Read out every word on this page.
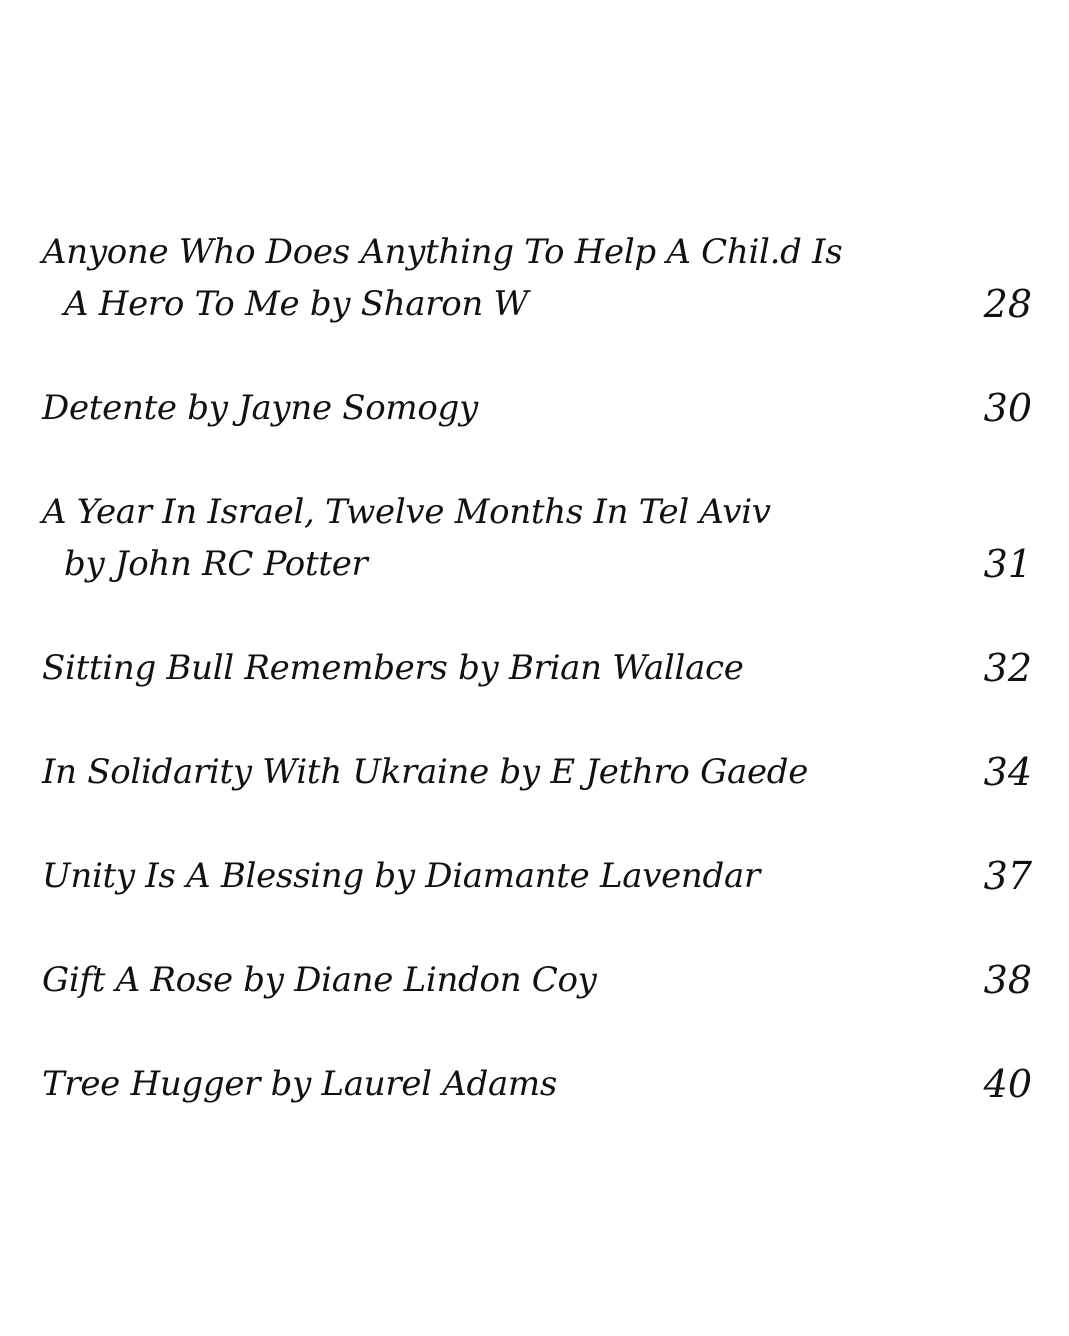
Anyone Who Does Anything To Help A Chil.d Is
A Hero To Me by Sharon W	28
Detente by Jayne Somogy	30
A Year In Israel, Twelve Months In Tel Aviv
by John RC Potter	31
Sitting Bull Remembers by Brian Wallace	32
In Solidarity With Ukraine by E Jethro Gaede	34
Unity Is A Blessing by Diamante Lavendar	37
Gift A Rose by Diane Lindon Coy	38
Tree Hugger by Laurel Adams	40
